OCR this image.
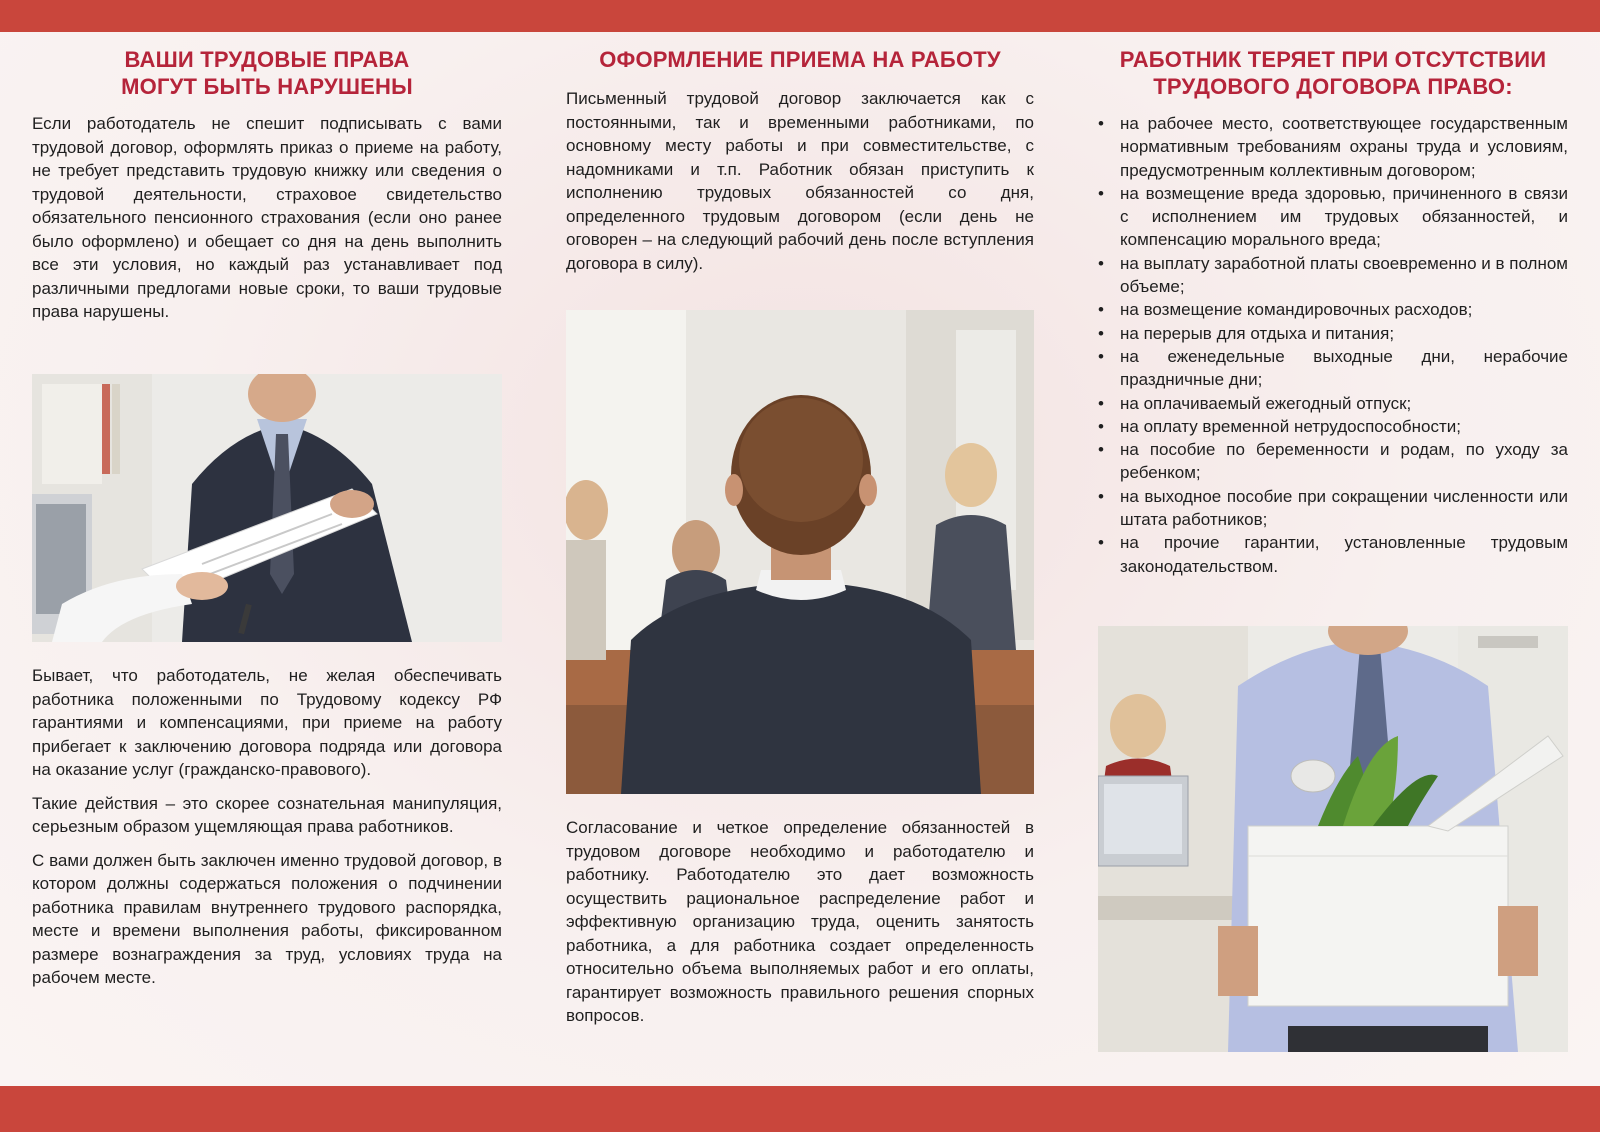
ВАШИ ТРУДОВЫЕ ПРАВА
МОГУТ БЫТЬ НАРУШЕНЫ

Если работодатель не спешит подписывать с вами трудовой договор, оформлять приказ о приеме на работу, не требует представить трудовую книжку или сведения о трудовой деятельности, страховое свидетельство обязательного пенсионного страхования (если оно ранее было оформлено) и обещает со дня на день выполнить все эти условия, но каждый раз устанавливает под различными предлогами новые сроки, то ваши трудовые права нарушены.

Бывает, что работодатель, не желая обеспечивать работника положенными по Трудовому кодексу РФ гарантиями и компенсациями, при приеме на работу прибегает к заключению договора подряда или договора на оказание услуг (гражданско-правового).

Такие действия – это скорее сознательная манипуляция, серьезным образом ущемляющая права работников.

С вами должен быть заключен именно трудовой договор, в котором должны содержаться положения о подчинении работника правилам внутреннего трудового распорядка, месте и времени выполнения работы, фиксированном размере вознаграждения за труд, условиях труда на рабочем месте.

ОФОРМЛЕНИЕ ПРИЕМА НА РАБОТУ

Письменный трудовой договор заключается как с постоянными, так и временными работниками, по основному месту работы и при совместительстве, с надомниками и т.п. Работник обязан приступить к исполнению трудовых обязанностей со дня, определенного трудовым договором (если день не оговорен – на следующий рабочий день после вступления договора в силу).

Согласование и четкое определение обязанностей в трудовом договоре необходимо и работодателю и работнику. Работодателю это дает возможность осуществить рациональное распределение работ и эффективную организацию труда, оценить занятость работника, а для работника создает определенность относительно объема выполняемых работ и его оплаты, гарантирует возможность правильного решения спорных вопросов.

РАБОТНИК ТЕРЯЕТ ПРИ ОТСУТСТВИИ
ТРУДОВОГО ДОГОВОРА ПРАВО:
• на рабочее место, соответствующее государственным нормативным требованиям охраны труда и условиям, предусмотренным коллективным договором;
• на возмещение вреда здоровью, причиненного в связи с исполнением им трудовых обязанностей, и компенсацию морального вреда;
• на выплату заработной платы своевременно и в полном объеме;
• на возмещение командировочных расходов;
• на перерыв для отдыха и питания;
• на еженедельные выходные дни, нерабочие праздничные дни;
• на оплачиваемый ежегодный отпуск;
• на оплату временной нетрудоспособности;
• на пособие по беременности и родам, по уходу за ребенком;
• на выходное пособие при сокращении численности или штата работников;
• на прочие гарантии, установленные трудовым законодательством.
